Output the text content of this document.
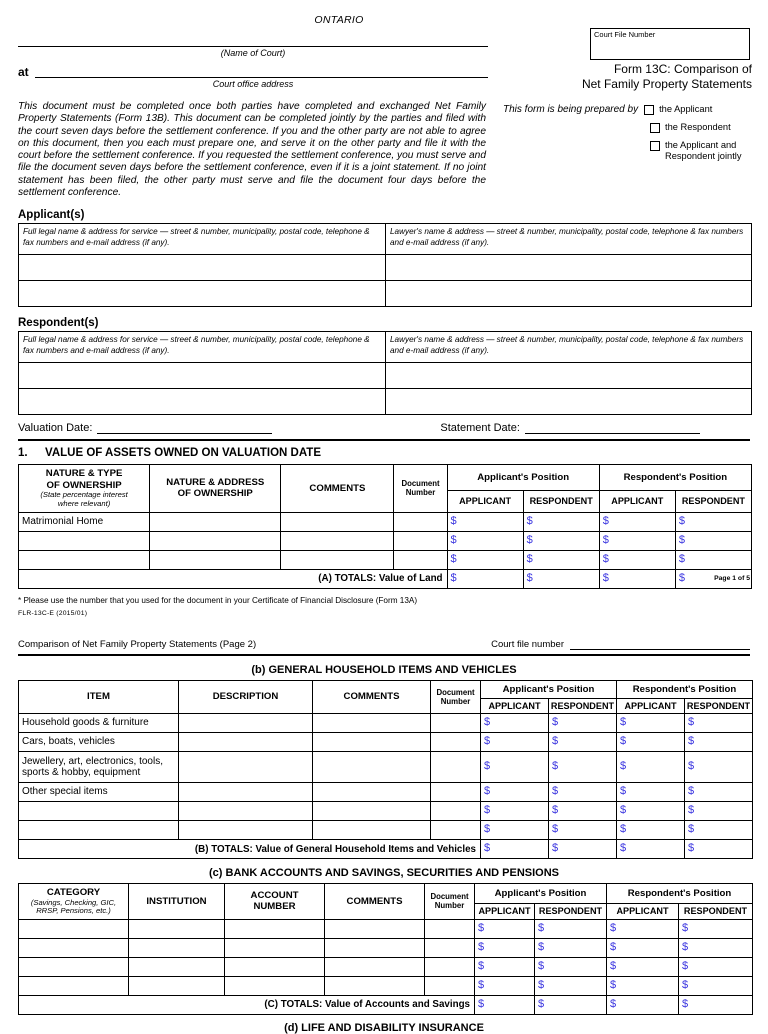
ONTARIO
Court File Number
Form 13C: Comparison of
Net Family Property Statements
(Name of Court)
at
Court office address
This form is being prepared by the Applicant
the Respondent
the Applicant and Respondent jointly
This document must be completed once both parties have completed and exchanged Net Family Property Statements (Form 13B). This document can be completed jointly by the parties and filed with the court seven days before the settlement conference. If you and the other party are not able to agree on this document, then you each must prepare one, and serve it on the other party and file it with the court before the settlement conference. If you requested the settlement conference, you must serve and file the document seven days before the settlement conference, even if it is a joint statement. If no joint statement has been filed, the other party must serve and file the document four days before the settlement conference.
Applicant(s)
Full legal name & address for service — street & number, municipality, postal code, telephone & fax numbers and e-mail address (if any).	Lawyer's name & address — street & number, municipality, postal code, telephone & fax numbers and e-mail address (if any).

Respondent(s)
Full legal name & address for service — street & number, municipality, postal code, telephone & fax numbers and e-mail address (if any).	Lawyer's name & address — street & number, municipality, postal code, telephone & fax numbers and e-mail address (if any).

Valuation Date:	Statement Date:
1.	VALUE OF ASSETS OWNED ON VALUATION DATE
NATURE & TYPE
OF OWNERSHIP
(State percentage interest
where relevant)

NATURE & ADDRESS
OF OWNERSHIP
	COMMENTS	Document
Number
	Applicant's Position	Respondent's Position
				APPLICANT	RESPONDENT	APPLICANT	RESPONDENT
Matrimonial Home				$	$	$	$

				$	$	$	$

				$	$	$	$

(A) TOTALS: Value of Land				$	$	$	$
* Please use the number that you used for the document in your Certificate of Financial Disclosure (Form 13A)
FLR-13C-E (2015/01)
Page 1 of 5
Comparison of Net Family Property Statements (Page 2)	Court file number
(b) GENERAL HOUSEHOLD ITEMS AND VEHICLES
ITEM	DESCRIPTION	COMMENTS	Document
Number	Applicant's Position		Respondent's Position	
				APPLICANT	RESPONDENT	APPLICANT	RESPONDENT
Household goods & furniture				$	$	$	$

Cars, boats, vehicles				$	$	$	$

Jewellery, art, electronics, tools, sports & hobby, equipment				$	$	$	$

Other special items				$	$	$	$

				$	$	$	$

				$	$	$	$

(B) TOTALS: Value of General Household Items and Vehicles				$	$	$	$
(c) BANK ACCOUNTS AND SAVINGS, SECURITIES AND PENSIONS
CATEGORY
(Savings, Checking, GIC,
RRSP, Pensions, etc.)
	INSTITUTION	
ACCOUNT
NUMBER
	COMMENTS	Document
Number
	Applicant's Position	Respondent's Position
					APPLICANT	RESPONDENT	APPLICANT	RESPONDENT

					$	$	$	$

					$	$	$	$

					$	$	$	$

					$	$	$	$

(C) TOTALS: Value of Accounts and Savings					$	$	$	$
(d) LIFE AND DISABILITY INSURANCE
